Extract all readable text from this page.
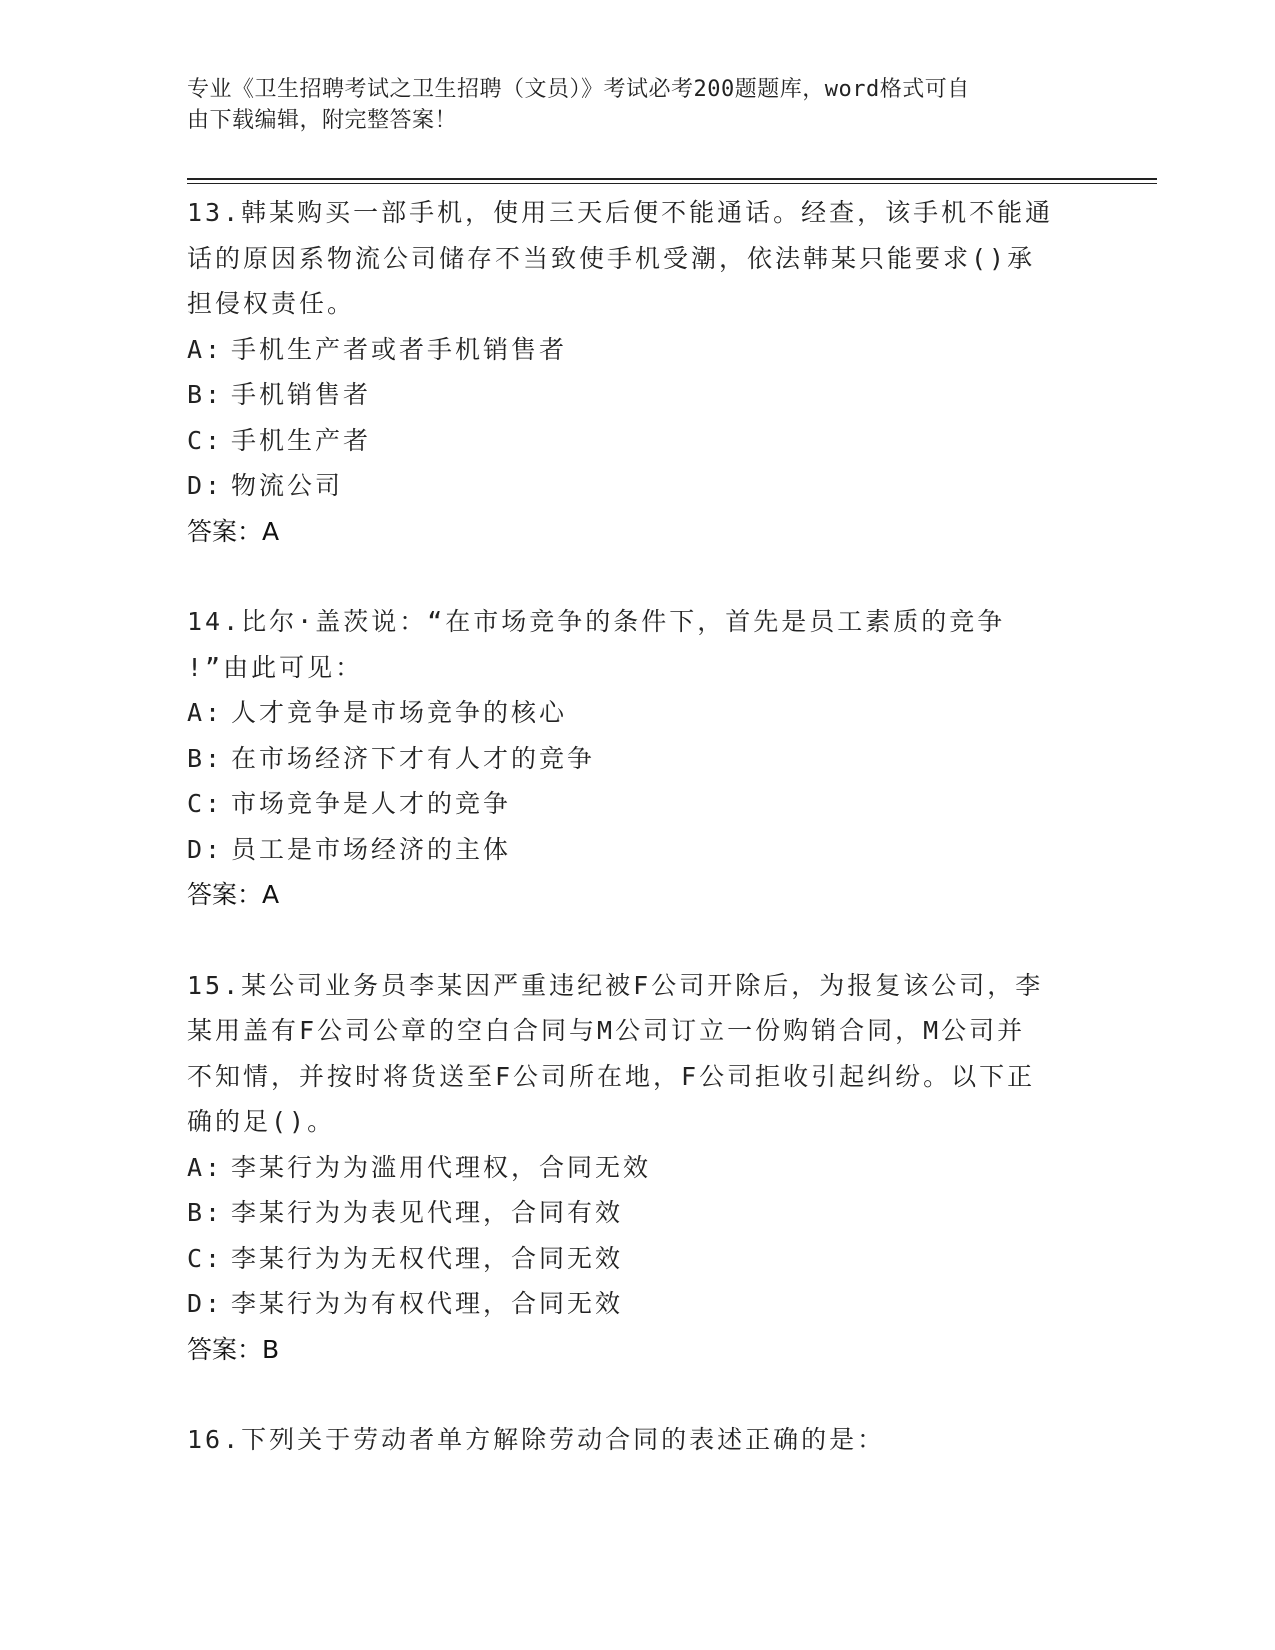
专业《卫生招聘考试之卫生招聘（文员）》考试必考200题题库，word格式可自
由下载编辑，附完整答案！

13.韩某购买一部手机，使用三天后便不能通话。经查，该手机不能通

话的原因系物流公司储存不当致使手机受潮，依法韩某只能要求()承

担侵权责任。

A: 手机生产者或者手机销售者

B: 手机销售者

C: 手机生产者

D: 物流公司

答案：A

14.比尔·盖茨说：“在市场竞争的条件下，首先是员工素质的竞争

!”由此可见：

A: 人才竞争是市场竞争的核心

B: 在市场经济下才有人才的竞争

C: 市场竞争是人才的竞争

D: 员工是市场经济的主体

答案：A

15.某公司业务员李某因严重违纪被F公司开除后，为报复该公司，李

某用盖有F公司公章的空白合同与M公司订立一份购销合同，M公司并

不知情，并按时将货送至F公司所在地，F公司拒收引起纠纷。以下正

确的足()。

A: 李某行为为滥用代理权，合同无效

B: 李某行为为表见代理，合同有效

C: 李某行为为无权代理，合同无效

D: 李某行为为有权代理，合同无效

答案：B

16.下列关于劳动者单方解除劳动合同的表述正确的是：
